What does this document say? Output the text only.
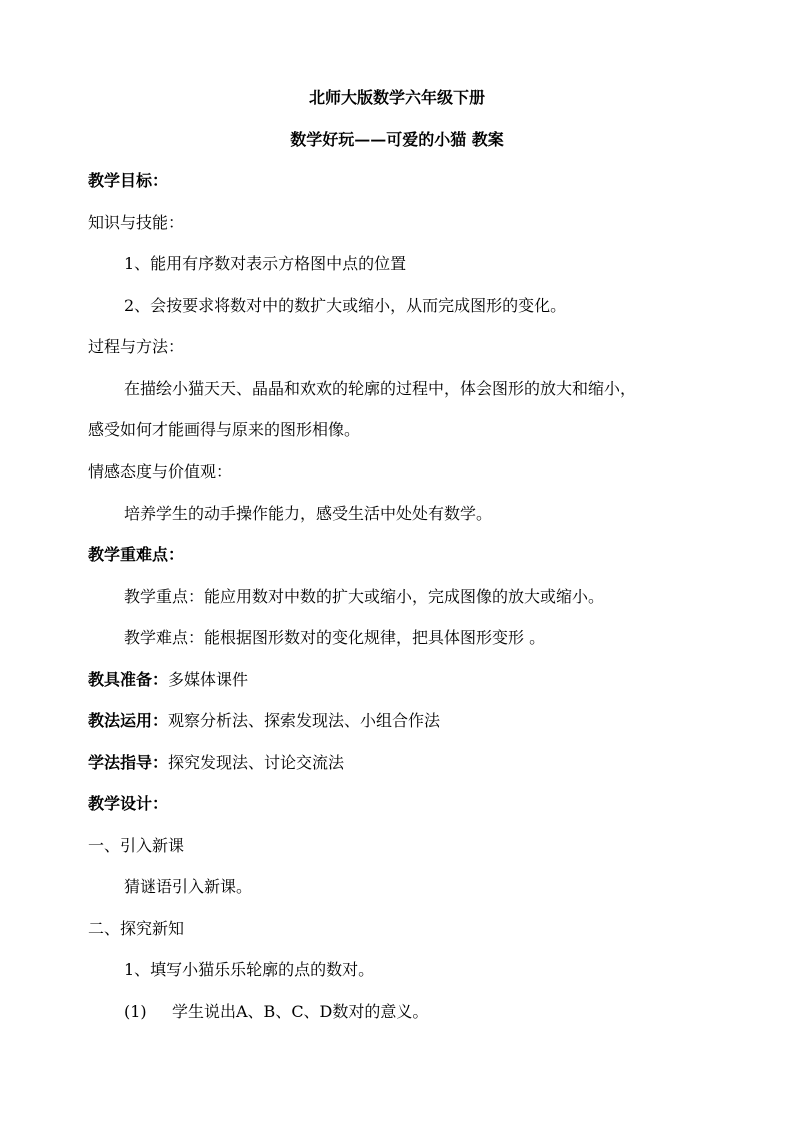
北师大版数学六年级下册
数学好玩——可爱的小猫 教案
教学目标：
知识与技能：
1、能用有序数对表示方格图中点的位置
2、会按要求将数对中的数扩大或缩小，从而完成图形的变化。
过程与方法：
在描绘小猫天天、晶晶和欢欢的轮廓的过程中，体会图形的放大和缩小，
感受如何才能画得与原来的图形相像。
情感态度与价值观：
培养学生的动手操作能力，感受生活中处处有数学。
教学重难点：
教学重点：能应用数对中数的扩大或缩小，完成图像的放大或缩小。
教学难点：能根据图形数对的变化规律，把具体图形变形 。
教具准备：多媒体课件
教法运用：观察分析法、探索发现法、小组合作法
学法指导：探究发现法、讨论交流法
教学设计：
一、引入新课
猜谜语引入新课。
二、探究新知
1、填写小猫乐乐轮廓的点的数对。
(1) 学生说出A、B、C、D数对的意义。
